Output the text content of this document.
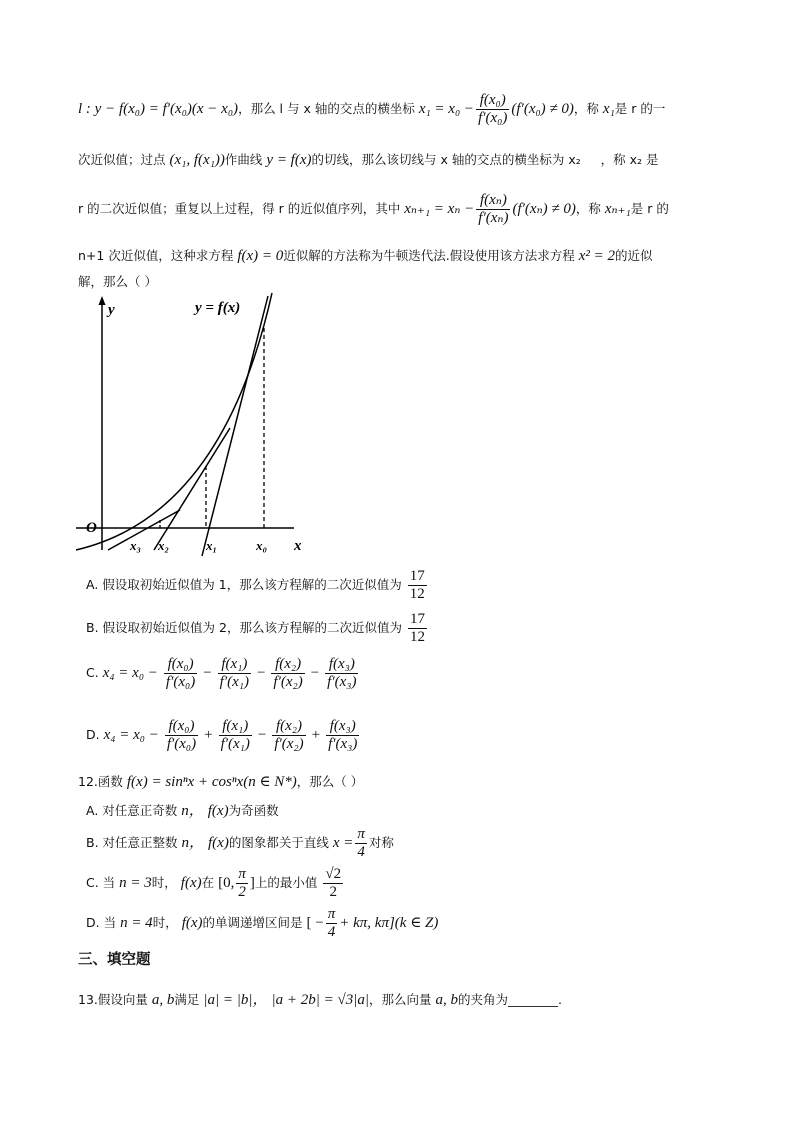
l : y − f(x₀) = f′(x₀)(x − x₀)，那么 l 与 x 轴的交点的横坐标 $x_1 = x_0 - \frac{\text{f(x₀)}}{\text{f′(x₀)}} (f'(x_0) \ne 0)$，称 x₁是 r 的一
次近似值；过点 (x₁, f(x₁))作曲线 y = f(x)的切线，那么该切线与 x 轴的交点的横坐标为 x₂ ，称 x₂ 是
r 的二次近似值；重复以上过程，得 r 的近似值序列，其中 $x_{n+1} = x_n - \frac{\text{f(xₙ)}}{\text{f′(xₙ)}} (f'(x_n) \ne 0)$，称 xₙ₊₁是 r 的
n+1 次近似值，这种求方程 f(x) = 0近似解的方法称为牛顿迭代法.假设使用该方法求方程 x² = 2的近似
解，那么（ ）
y	y = f(x)
O
x
x₃ x₂	x₁	x₀
A. 假设取初始近似值为 1，那么该方程解的二次近似值为 $\frac{17}{12}$
B. 假设取初始近似值为 2，那么该方程解的二次近似值为 $\frac{17}{12}$
C. $x_4 = x_0 - \frac{\text{f(x₀)}}{\text{f′(x₀)}} - \frac{\text{f(x₁)}}{\text{f′(x₁)}} - \frac{\text{f(x₂)}}{\text{f′(x₂)}} - \frac{\text{f(x₃)}}{\text{f′(x₃)}}$
D. $x_4 = x_0 - \frac{\text{f(x₀)}}{\text{f′(x₀)}} + \frac{\text{f(x₁)}}{\text{f′(x₁)}} - \frac{\text{f(x₂)}}{\text{f′(x₂)}} + \frac{\text{f(x₃)}}{\text{f′(x₃)}}$
12.函数 f(x) = sinⁿx + cosⁿx(n ∈ N*)，那么（ ）
A. 对任意正奇数 n， f(x)为奇函数
B. 对任意正整数 n， f(x)的图象都关于直线 $x = \frac{\pi}{4}$ 对称
C. 当 n = 3时， f(x)在 [0, $\frac{\pi}{2}$ ]上的最小值 $\frac{√2}{2}$
D. 当 n = 4时， f(x)的单调递增区间是 [ − $\frac{\pi}{4} + k\pi$, kπ](k ∈ Z)
三、填空题
13.假设向量 a, b满足 |a| = |b|， |a + 2b| = √3|a|，那么向量 a, b的夹角为________.
